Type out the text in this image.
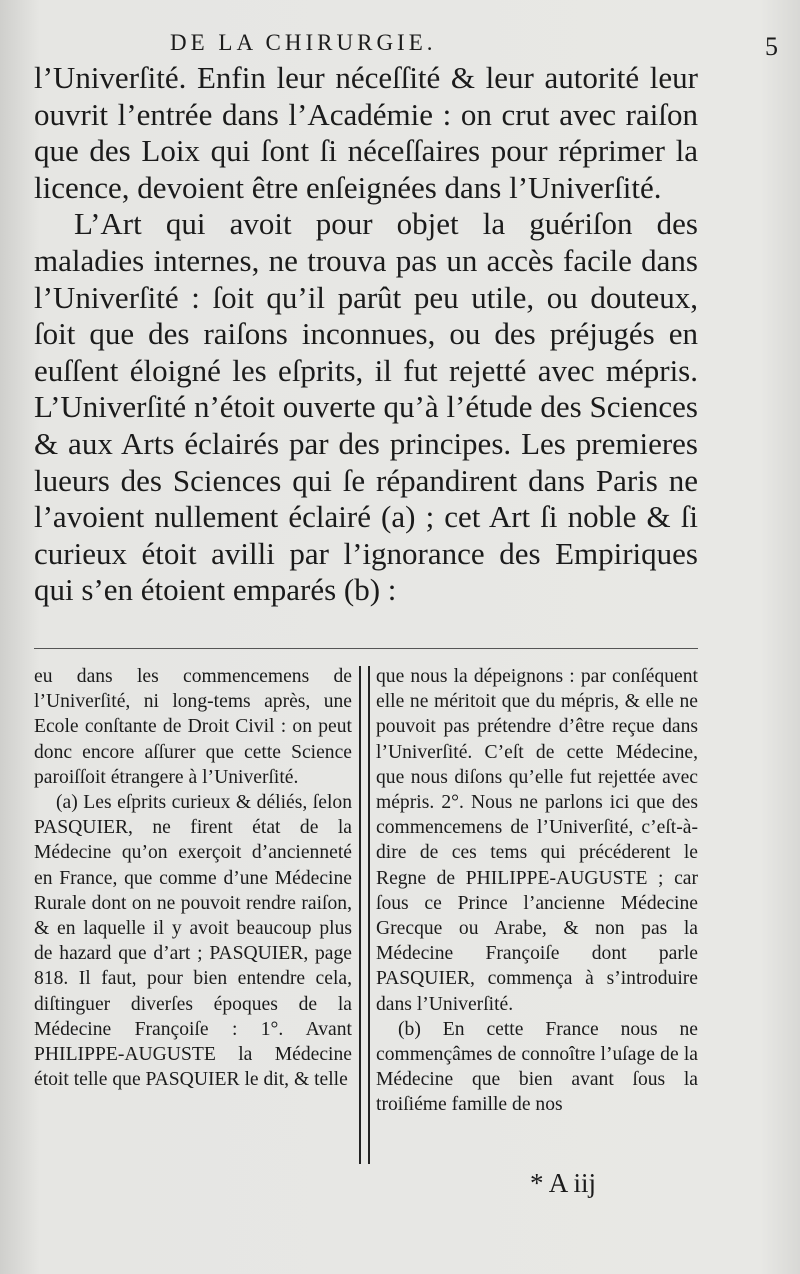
DE LA CHIRURGIE.	5

l’Univerſité. Enfin leur néceſſité & leur autorité leur ouvrit l’entrée dans l’Académie : on crut avec raiſon que des Loix qui ſont ſi néceſſaires pour réprimer la licence, devoient être enſeignées dans l’Univerſité.

L’Art qui avoit pour objet la guériſon des maladies internes, ne trouva pas un accès facile dans l’Univerſité : ſoit qu’il parût peu utile, ou douteux, ſoit que des raiſons inconnues, ou des préjugés en euſſent éloigné les eſprits, il fut rejetté avec mépris. L’Univerſité n’étoit ouverte qu’à l’étude des Sciences & aux Arts éclairés par des principes. Les premieres lueurs des Sciences qui ſe répandirent dans Paris ne l’avoient nullement éclairé (a) ; cet Art ſi noble & ſi curieux étoit avilli par l’ignorance des Empiriques qui s’en étoient emparés (b) :

eu dans les commencemens de l’Univerſité, ni long-tems après, une Ecole conſtante de Droit Civil : on peut donc encore aſſurer que cette Science paroiſſoit étrangere à l’Univerſité.

(a) Les eſprits curieux & déliés, ſelon PASQUIER, ne firent état de la Médecine qu’on exerçoit d’ancienneté en France, que comme d’une Médecine Rurale dont on ne pouvoit rendre raiſon, & en laquelle il y avoit beaucoup plus de hazard que d’art ; PASQUIER, page 818. Il faut, pour bien entendre cela, diſtinguer diverſes époques de la Médecine Françoiſe : 1°. Avant PHILIPPE-AUGUSTE la Médecine étoit telle que PASQUIER le dit, & telle

que nous la dépeignons : par conſéquent elle ne méritoit que du mépris, & elle ne pouvoit pas prétendre d’être reçue dans l’Univerſité. C’eſt de cette Médecine, que nous diſons qu’elle fut rejettée avec mépris. 2°. Nous ne parlons ici que des commencemens de l’Univerſité, c’eſt-à-dire de ces tems qui précéderent le Regne de PHILIPPE-AUGUSTE ; car ſous ce Prince l’ancienne Médecine Grecque ou Arabe, & non pas la Médecine Françoiſe dont parle PASQUIER, commença à s’introduire dans l’Univerſité.

(b) En cette France nous ne commençâmes de connoître l’uſage de la Médecine que bien avant ſous la troiſiéme famille de nos

* A iij
